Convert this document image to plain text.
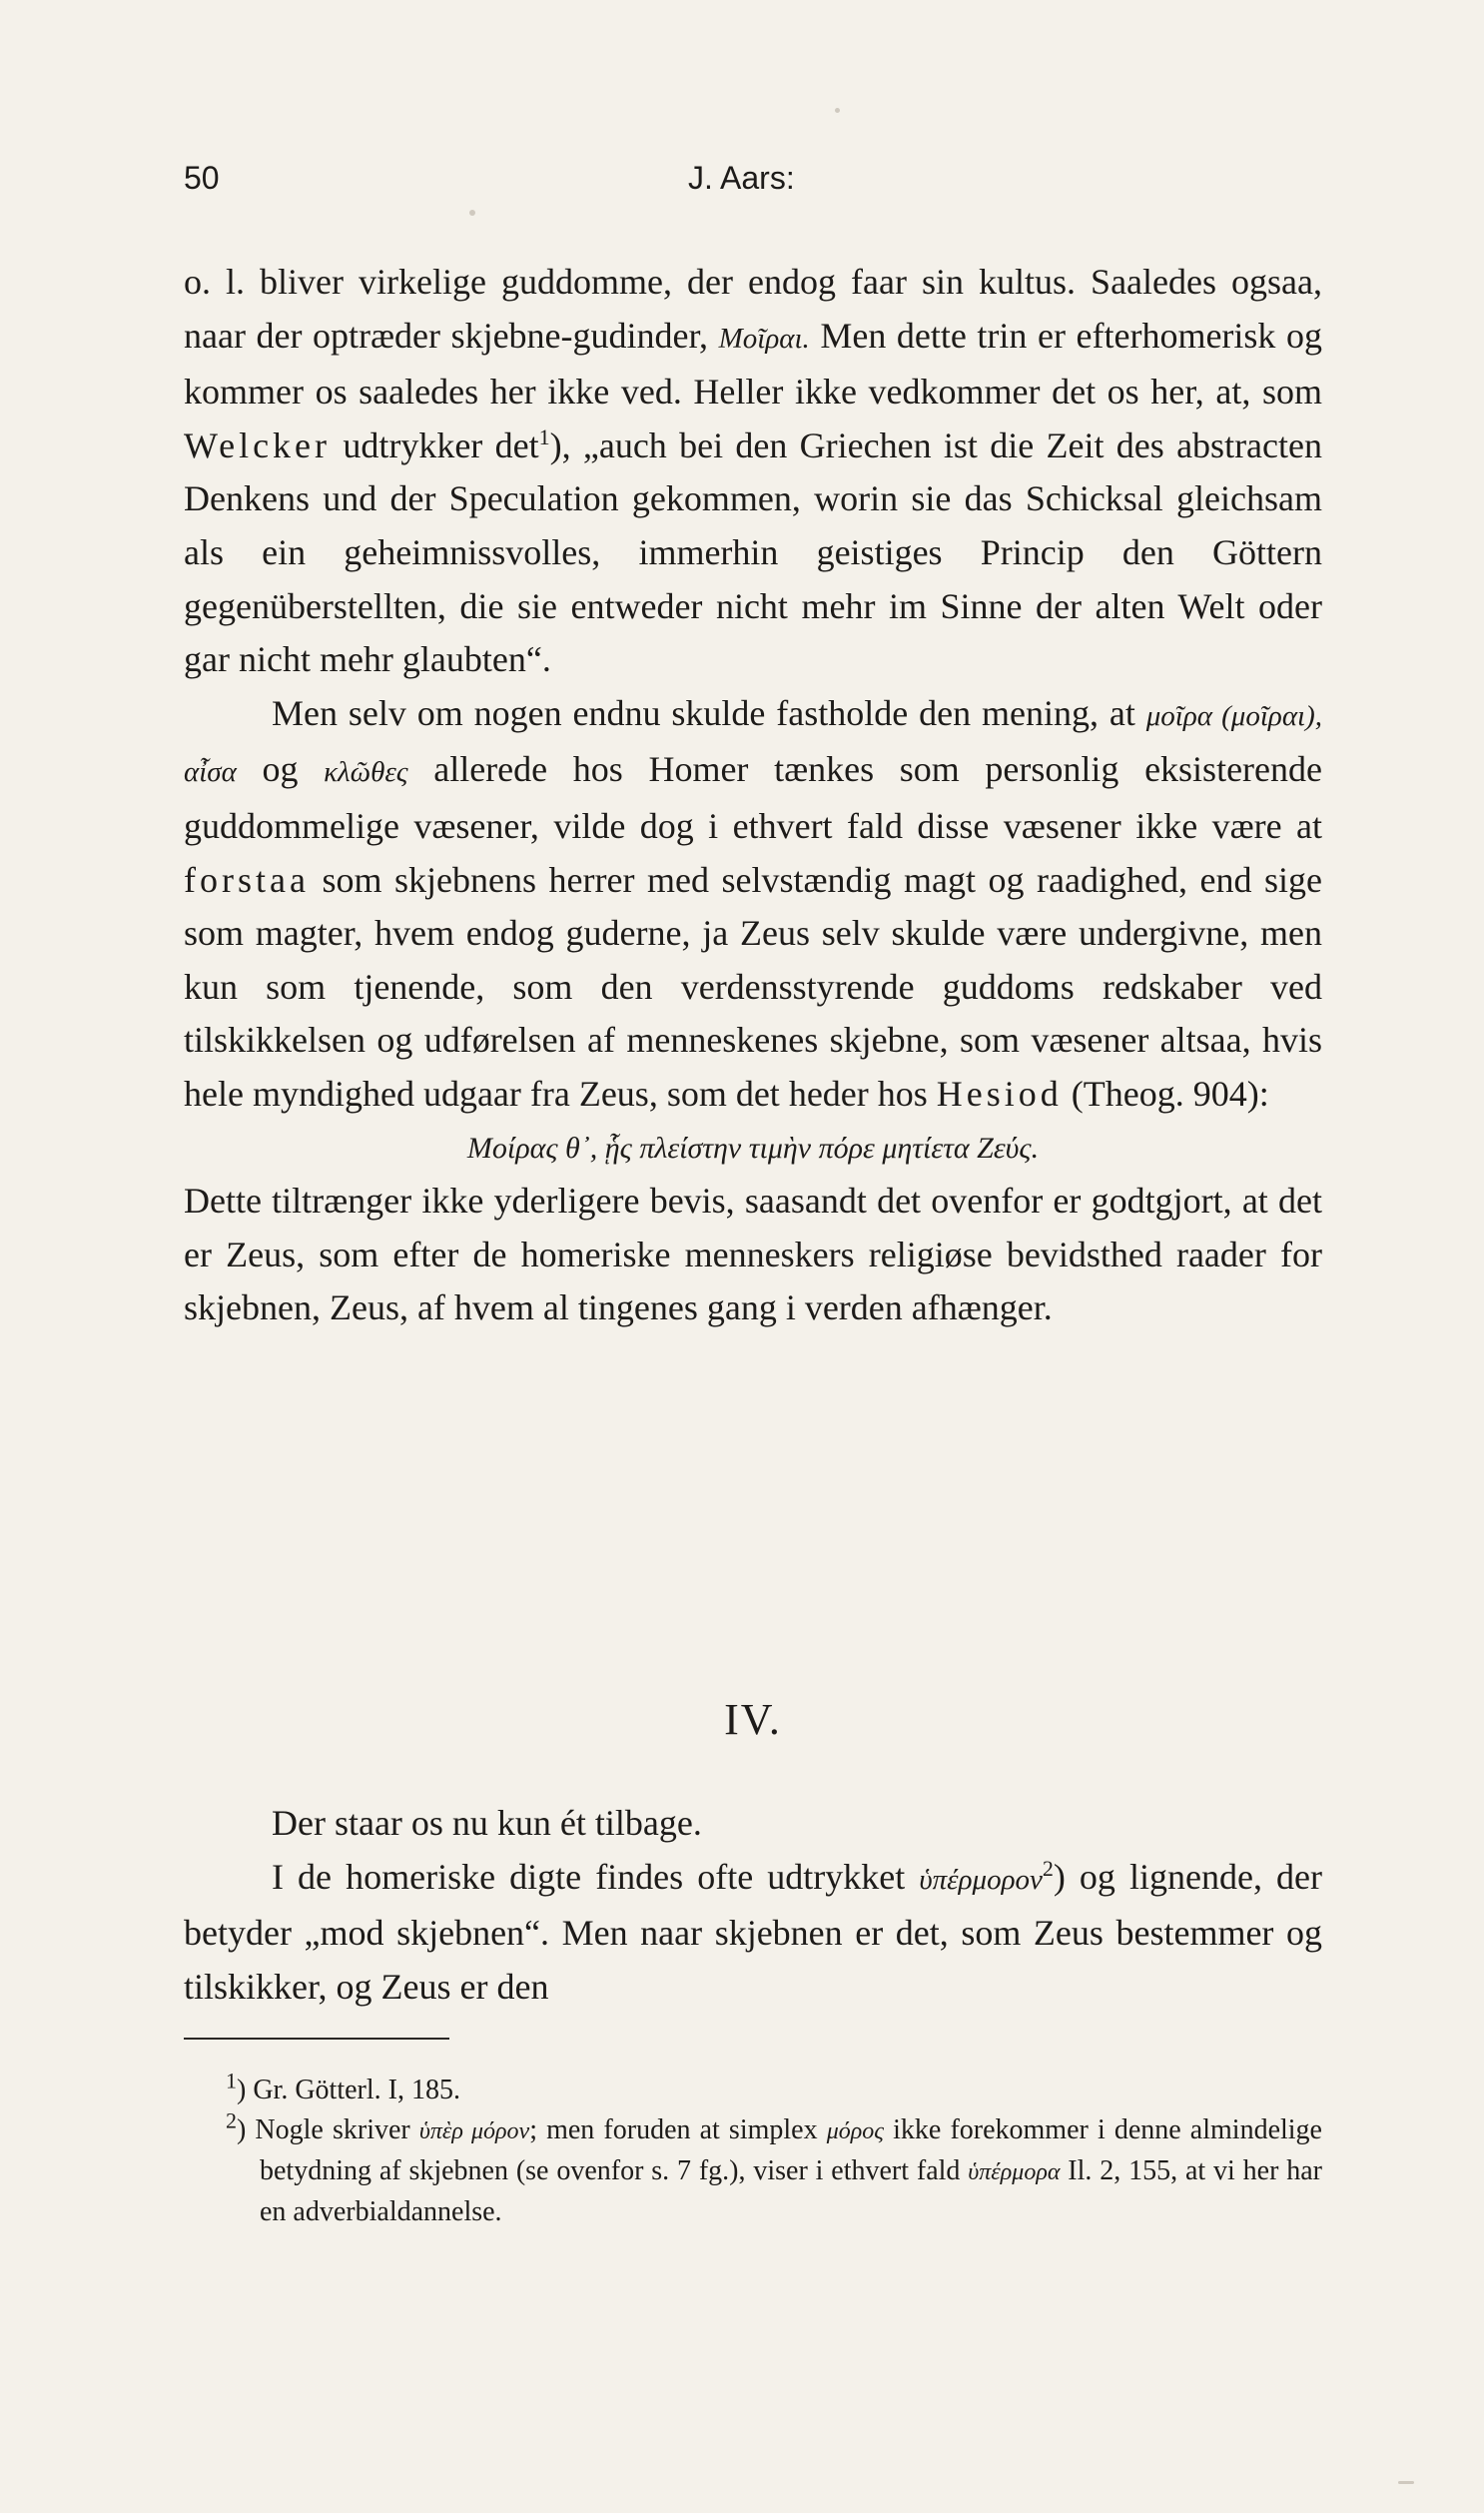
50	J. Aars:

o. l. bliver virkelige guddomme, der endog faar sin kultus. Saaledes ogsaa, naar der optræder skjebne-gudinder, Μοῖραι. Men dette trin er efterhomerisk og kommer os saaledes her ikke ved. Heller ikke vedkommer det os her, at, som Welcker udtrykker $\det^1$), „auch bei den Griechen ist die Zeit des abstracten Denkens und der Speculation gekommen, worin sie das Schicksal gleichsam als ein geheimnissvolles, immerhin geistiges Princip den Göttern gegenüberstellten, die sie entweder nicht mehr im Sinne der alten Welt oder gar nicht mehr glaubten“.

Men selv om nogen endnu skulde fastholde den mening, at μοῖρα (μοῖραι), αἶσα og κλῶθες allerede hos Homer tænkes som personlig eksisterende guddommelige væsener, vilde dog i ethvert fald disse væsener ikke være at forstaa som skjebnens herrer med selvstændig magt og raadighed, end sige som magter, hvem endog guderne, ja Zeus selv skulde være undergivne, men kun som tjenende, som den verdensstyrende guddoms redskaber ved tilskikkelsen og udførelsen af menneskenes skjebne, som væsener altsaa, hvis hele myndighed udgaar fra Zeus, som det heder hos Hesiod (Theog. 904):

Μοίρας θ᾽, ᾗς πλείστην τιμὴν πόρε μητίετα Ζεύς.

Dette tiltrænger ikke yderligere bevis, saasandt det ovenfor er godtgjort, at det er Zeus, som efter de homeriske menneskers religiøse bevidsthed raader for skjebnen, Zeus, af hvem al tingenes gang i verden afhænger.

IV.

Der staar os nu kun ét tilbage.

I de homeriske digte findes ofte udtrykket ὑπέρμορον$^2$) og lignende, der betyder „mod skjebnen“. Men naar skjebnen er det, som Zeus bestemmer og tilskikker, og Zeus er den

$^1$) Gr. Götterl. I, 185.

$^2$) Nogle skriver ὑπὲρ μόρον; men foruden at simplex μόρος ikke forekommer i denne almindelige betydning af skjebnen (se ovenfor s. 7 fg.), viser i ethvert fald ὑπέρμορα Il. 2, 155, at vi her har en adverbialdannelse.
